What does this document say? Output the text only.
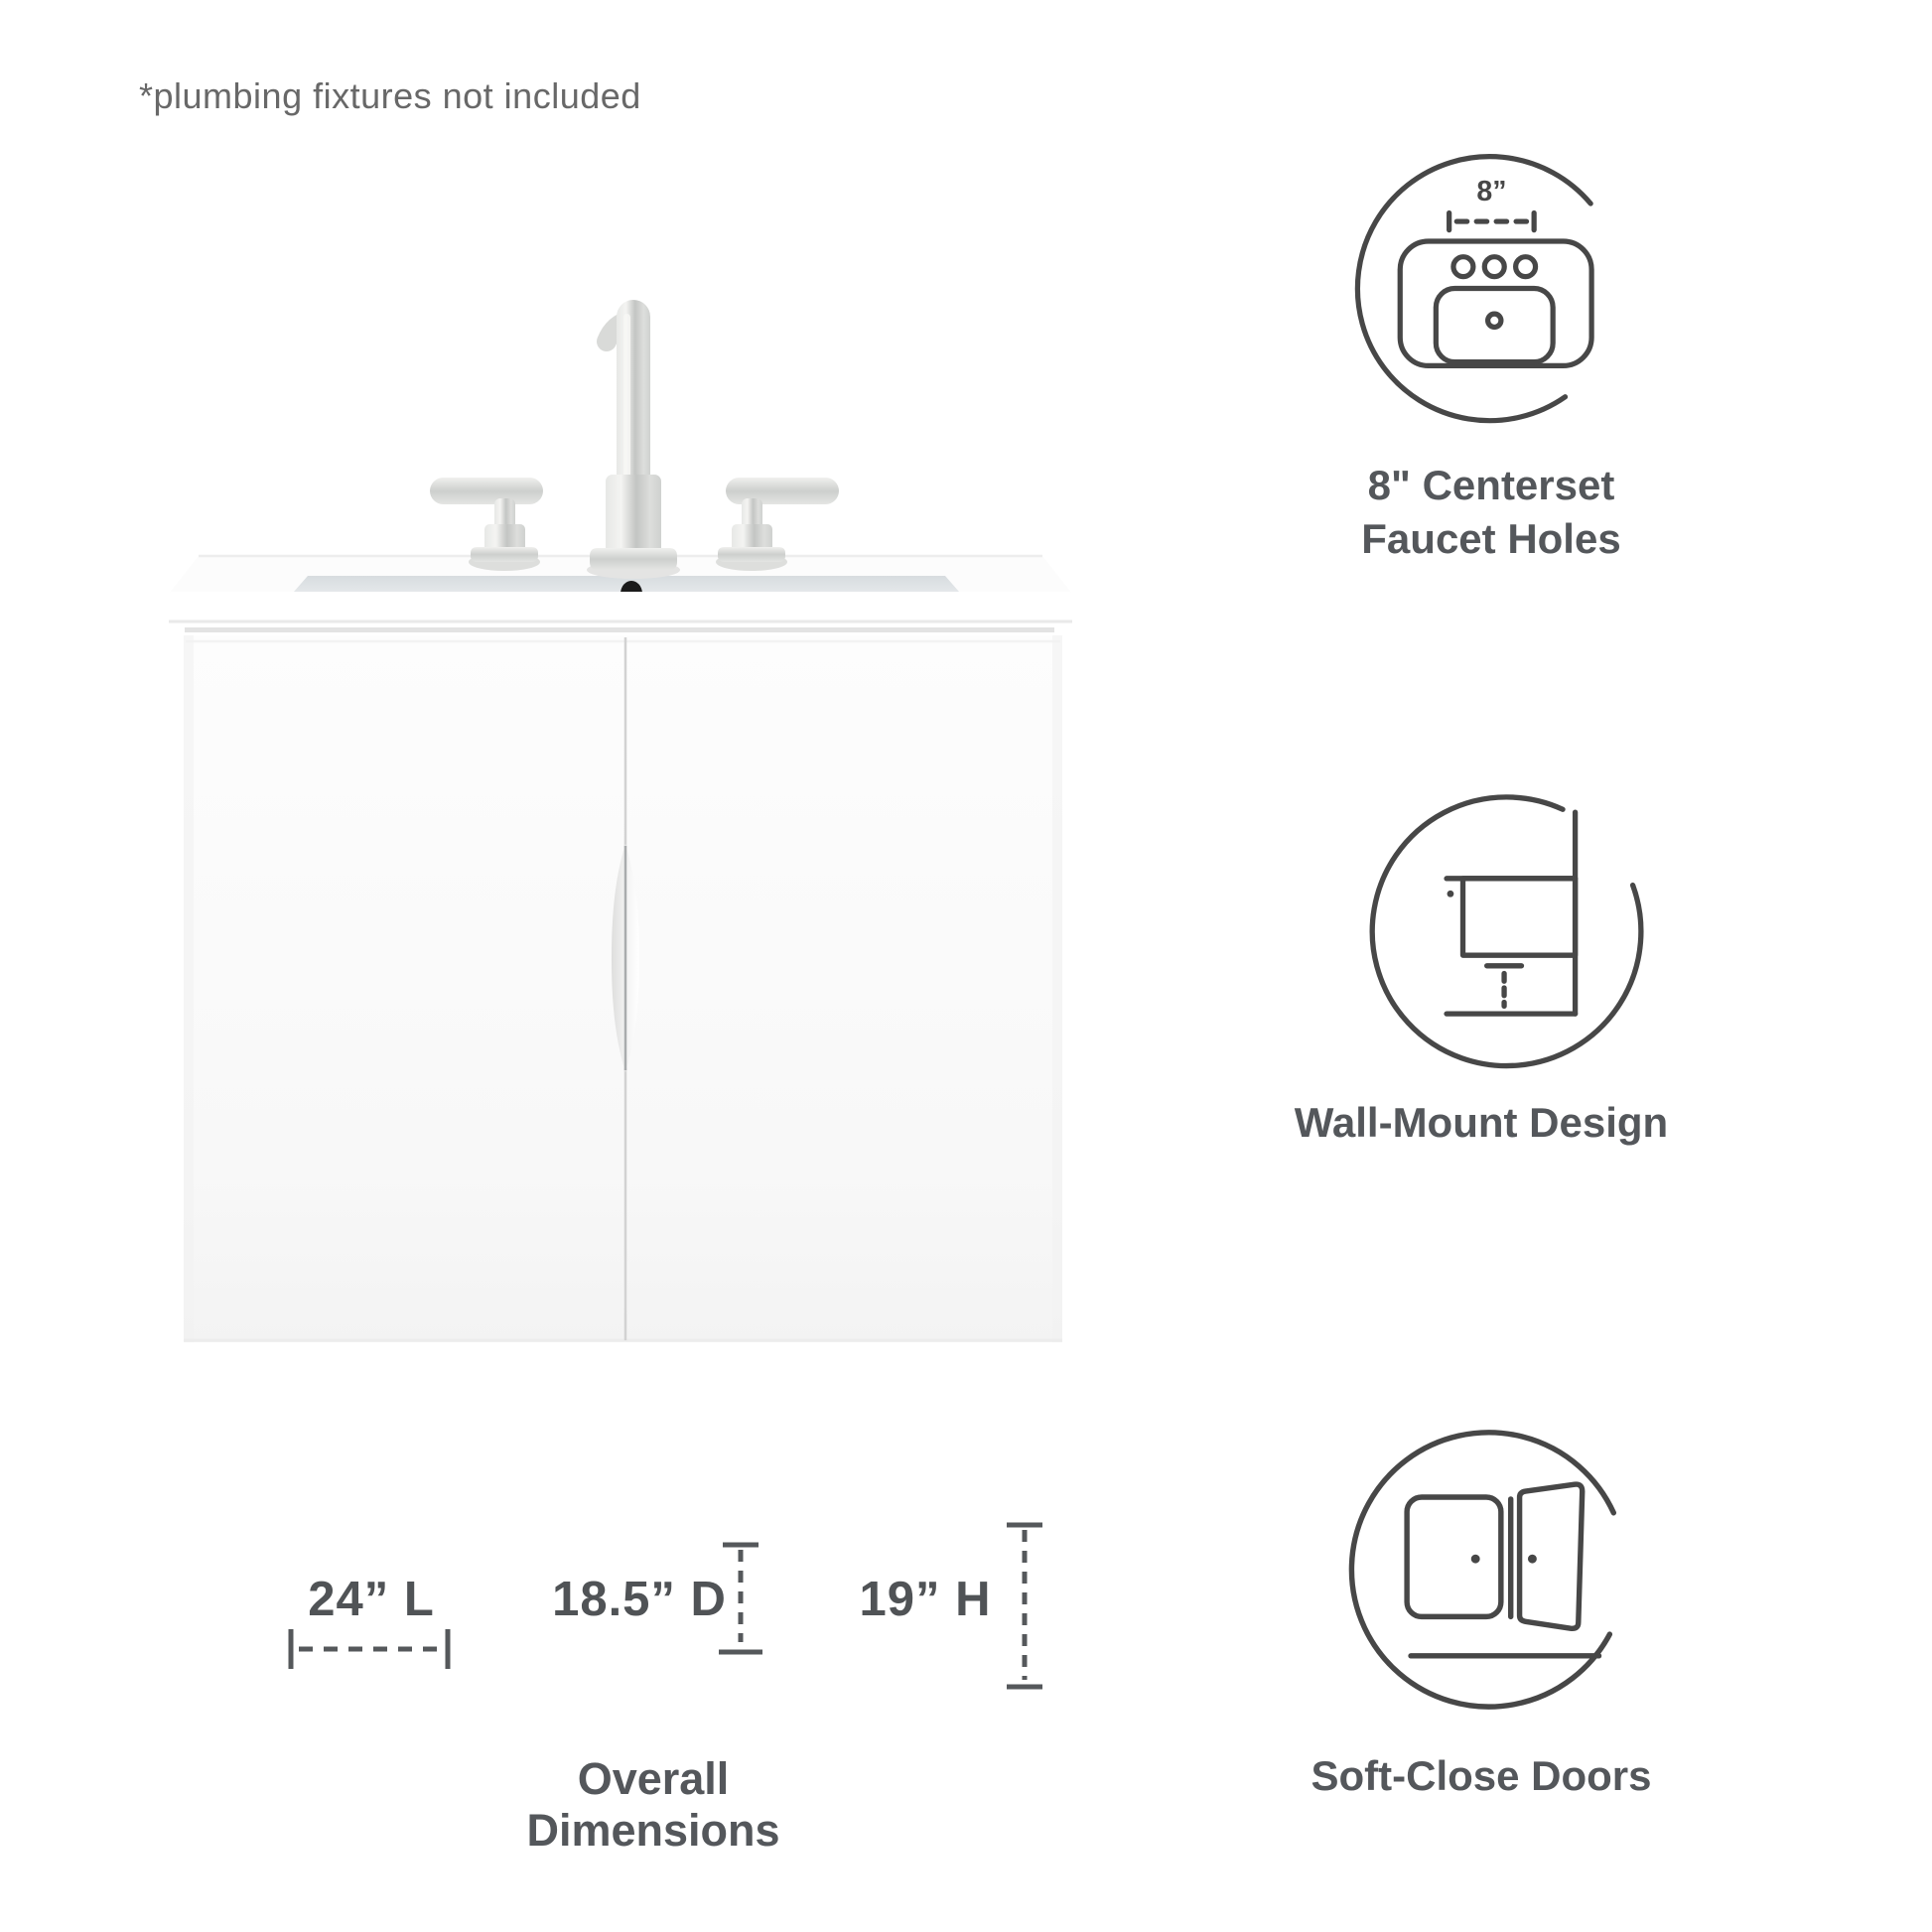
*plumbing fixtures not included
8”
8" Centerset
Faucet Holes
Wall-Mount Design
Soft-Close Doors
24” L	18.5” D	19” H
Overall Dimensions
